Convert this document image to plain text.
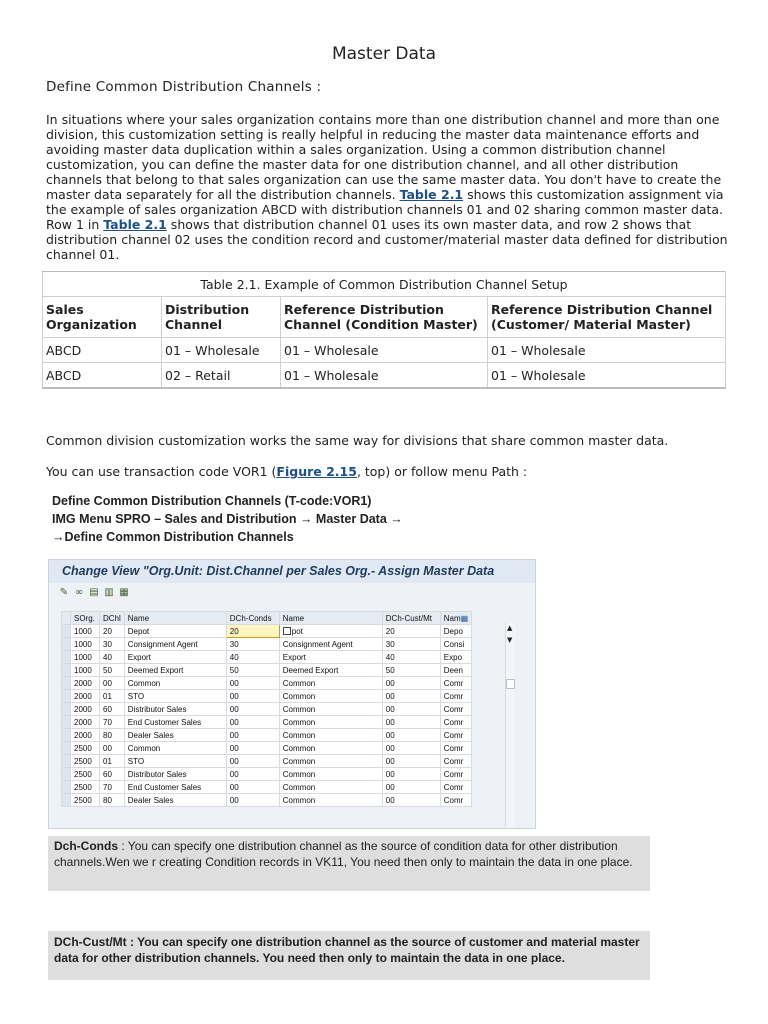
Master Data
Define Common Distribution Channels :
In situations where your sales organization contains more than one distribution channel and more than one division, this customization setting is really helpful in reducing the master data maintenance efforts and avoiding master data duplication within a sales organization. Using a common distribution channel customization, you can define the master data for one distribution channel, and all other distribution channels that belong to that sales organization can use the same master data. You don't have to create the master data separately for all the distribution channels. Table 2.1 shows this customization assignment via the example of sales organization ABCD with distribution channels 01 and 02 sharing common master data. Row 1 in Table 2.1 shows that distribution channel 01 uses its own master data, and row 2 shows that distribution channel 02 uses the condition record and customer/material master data defined for distribution channel 01.
Table 2.1. Example of Common Distribution Channel Setup			
Sales Organization	Distribution Channel	Reference Distribution Channel (Condition Master)	Reference Distribution Channel (Customer/ Material Master)
ABCD	01 – Wholesale	01 – Wholesale	01 – Wholesale
ABCD	02 – Retail	01 – Wholesale	01 – Wholesale
Common division customization works the same way for divisions that share common master data.
You can use transaction code VOR1 (Figure 2.15, top) or follow menu Path :
Define Common Distribution Channels (T-code:VOR1)
IMG Menu SPRO – Sales and Distribution → Master Data →
→Define Common Distribution Channels
Change View "Org.Unit: Dist.Channel per Sales Org.- Assign Master Data
✎ ∞ ▤ ▥ ▦
	SOrg.	DChl	Name	DCh-Conds	Name	DCh-Cust/Mt	Nam▦
	1000	20	Depot	20	pot	20	Depo
	1000	30	Consignment Agent	30	Consignment Agent	30	Consi
	1000	40	Export	40	Export	40	Expo
	1000	50	Deemed Export	50	Deemed Export	50	Deen
	2000	00	Common	00	Common	00	Comr
	2000	01	STO	00	Common	00	Comr
	2000	60	Distributor Sales	00	Common	00	Comr
	2000	70	End Customer Sales	00	Common	00	Comr
	2000	80	Dealer Sales	00	Common	00	Comr
	2500	00	Common	00	Common	00	Comr
	2500	01	STO	00	Common	00	Comr
	2500	60	Distributor Sales	00	Common	00	Comr
	2500	70	End Customer Sales	00	Common	00	Comr
	2500	80	Dealer Sales	00	Common	00	Comr
▲
▼
Dch-Conds : You can specify one distribution channel as the source of condition data for other distribution channels.Wen we r creating Condition records in VK11, You need then only to maintain the data in one place.
DCh-Cust/Mt : You can specify one distribution channel as the source of customer and material master data for other distribution channels. You need then only to maintain the data in one place.
